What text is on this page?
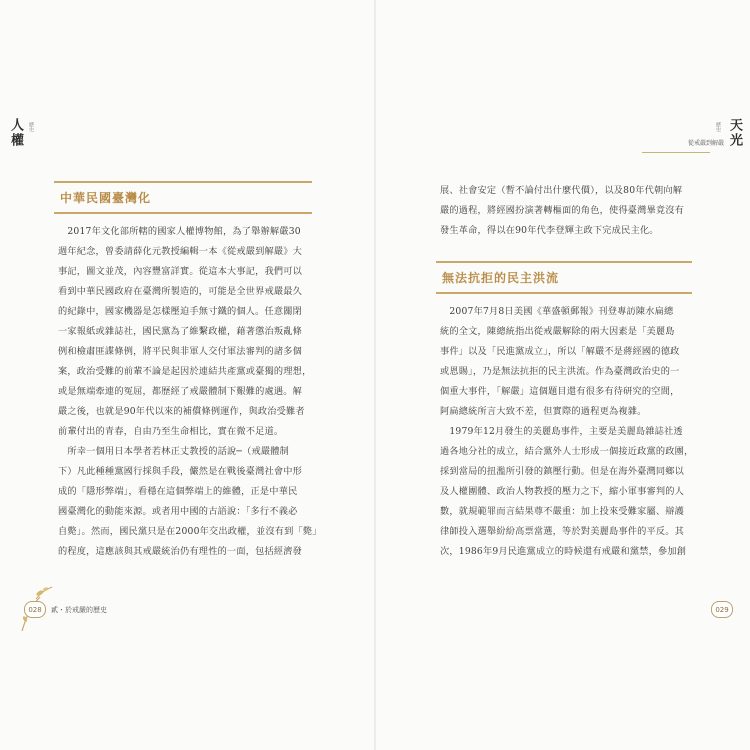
人權	歷史	歷史 天光
從戒嚴到解嚴
中華民國臺灣化
　2017年文化部所轄的國家人權博物館，為了舉辦解嚴30
週年紀念，曾委請薛化元教授編輯一本《從戒嚴到解嚴》大
事記，圖文並茂，內容豐富詳實。從這本大事記，我們可以
看到中華民國政府在臺灣所製造的，可能是全世界戒嚴最久
的紀錄中，國家機器是怎樣壓迫手無寸鐵的個人。任意關閉
一家報紙或雜誌社，國民黨為了維繫政權，藉著懲治叛亂條
例和檢肅匪諜條例，將平民與非軍人交付軍法審判的諸多個
案，政治受難的前輩不論是起因於連結共產黨或臺獨的理想，
或是無端牽連的冤屈，都歷經了戒嚴體制下艱難的處遇。解
嚴之後，也就是90年代以來的補償條例運作，與政治受難者
前輩付出的青春，自由乃至生命相比，實在微不足道。
　所幸一個用日本學者若林正丈教授的話說─（戒嚴體制
下）凡此種種黨國行採與手段，儼然是在戰後臺灣社會中形
成的「隱形弊端」，看穩在這個弊端上的維體，正是中華民
國臺灣化的動能來源。或者用中國的古語說：「多行不義必
自斃」。然而，國民黨只是在2000年交出政權，並沒有到「斃」
的程度，這應該與其戒嚴統治仍有理性的一面，包括經濟發
展、社會安定（暫不論付出什麼代價），以及80年代朝向解
嚴的過程，將經國扮演著轉樞面的角色，使得臺灣畢竟沒有
發生革命，得以在90年代李登輝主政下完成民主化。
無法抗拒的民主洪流
　2007年7月8日美國《華盛頓郵報》刊登專訪陳水扁總
統的全文，陳總統指出從戒嚴解除的兩大因素是「美麗島
事件」以及「民進黨成立」，所以「解嚴不是蔣經國的德政
或恩賜」，乃是無法抗拒的民主洪流。作為臺灣政治史的一
個重大事件，「解嚴」這個題目還有很多有待研究的空間，
阿扁總統所言大致不差，但實際的過程更為複雜。
　1979年12月發生的美麗島事件，主要是美麗島雜誌社透
過各地分社的成立，結合黨外人士形成一個接近政黨的政團，
採到當局的扭濫所引發的鎮壓行動。但是在海外臺灣同鄉以
及人權團體、政治人物教授的壓力之下，縮小軍事審判的人
數，就規範罪而言結果尊不嚴重：加上投來受難家屬、辯護
律師投入選舉紛紛高票當選，等於對美麗島事件的平反。其
次，1986年9月民進黨成立的時候還有戒嚴和黨禁，參加創
028	貳・於戒嚴的歷史	029
